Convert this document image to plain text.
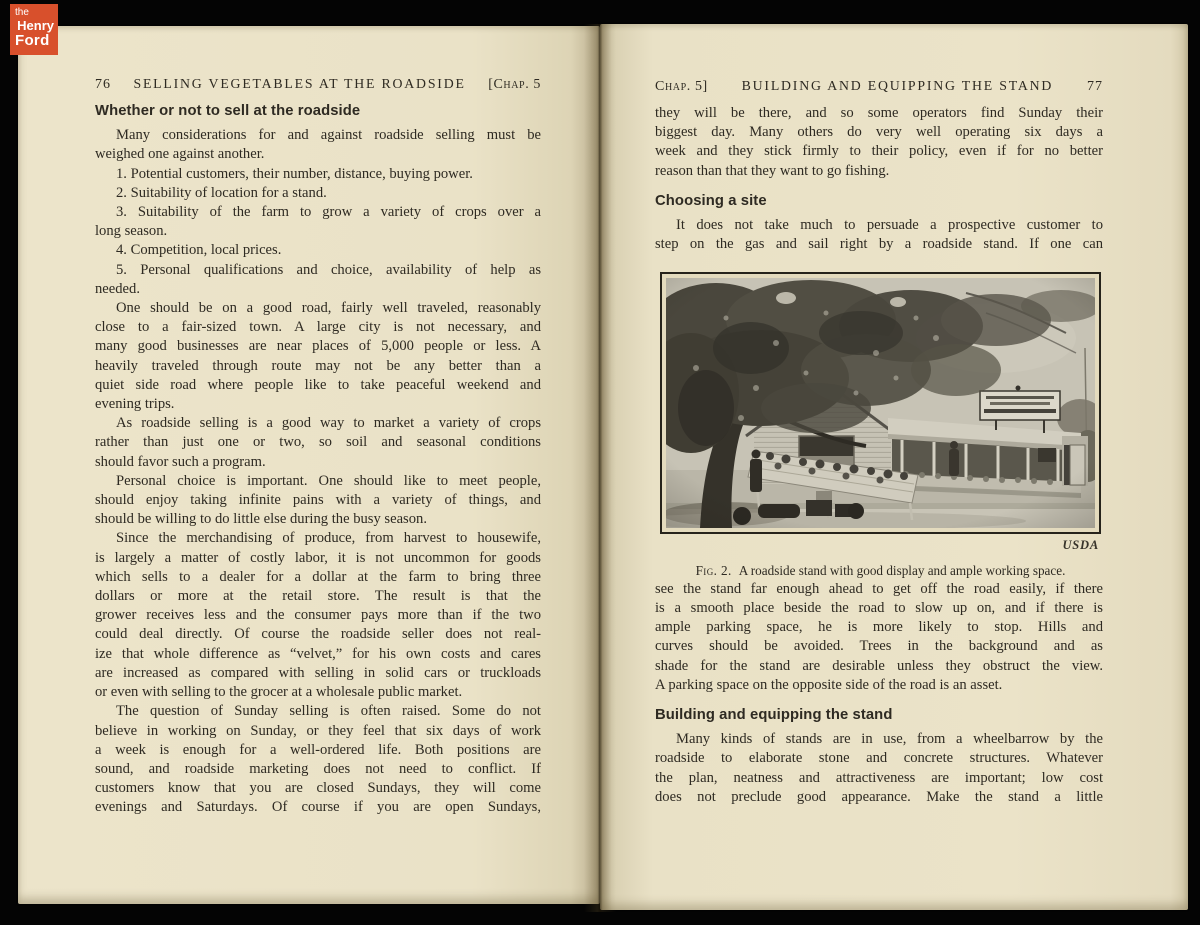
the
Henry
Ford
76	SELLING VEGETABLES AT THE ROADSIDE	[Chap. 5
Whether or not to sell at the roadside
Many considerations for and against roadside selling must be
weighed one against another.
1. Potential customers, their number, distance, buying power.
2. Suitability of location for a stand.
3. Suitability of the farm to grow a variety of crops over a
long season.
4. Competition, local prices.
5. Personal qualifications and choice, availability of help as
needed.
One should be on a good road, fairly well traveled, reasonably
close to a fair-sized town. A large city is not necessary, and
many good businesses are near places of 5,000 people or less. A
heavily traveled through route may not be any better than a
quiet side road where people like to take peaceful weekend and
evening trips.
As roadside selling is a good way to market a variety of crops
rather than just one or two, so soil and seasonal conditions
should favor such a program.
Personal choice is important. One should like to meet people,
should enjoy taking infinite pains with a variety of things, and
should be willing to do little else during the busy season.
Since the merchandising of produce, from harvest to housewife,
is largely a matter of costly labor, it is not uncommon for goods
which sells to a dealer for a dollar at the farm to bring three
dollars or more at the retail store. The result is that the
grower receives less and the consumer pays more than if the two
could deal directly. Of course the roadside seller does not real-
ize that whole difference as “velvet,” for his own costs and cares
are increased as compared with selling in solid cars or truckloads
or even with selling to the grocer at a wholesale public market.
The question of Sunday selling is often raised. Some do not
believe in working on Sunday, or they feel that six days of work
a week is enough for a well-ordered life. Both positions are
sound, and roadside marketing does not need to conflict. If
customers know that you are closed Sundays, they will come
evenings and Saturdays. Of course if you are open Sundays,
Chap. 5]	BUILDING AND EQUIPPING THE STAND	77
they will be there, and so some operators find Sunday their
biggest day. Many others do very well operating six days a
week and they stick firmly to their policy, even if for no better
reason than that they want to go fishing.
Choosing a site
It does not take much to persuade a prospective customer to
step on the gas and sail right by a roadside stand. If one can
USDA
Fig. 2. A roadside stand with good display and ample working space.
see the stand far enough ahead to get off the road easily, if there
is a smooth place beside the road to slow up on, and if there is
ample parking space, he is more likely to stop. Hills and
curves should be avoided. Trees in the background and as
shade for the stand are desirable unless they obstruct the view.
A parking space on the opposite side of the road is an asset.
Building and equipping the stand
Many kinds of stands are in use, from a wheelbarrow by the
roadside to elaborate stone and concrete structures. Whatever
the plan, neatness and attractiveness are important; low cost
does not preclude good appearance. Make the stand a little
